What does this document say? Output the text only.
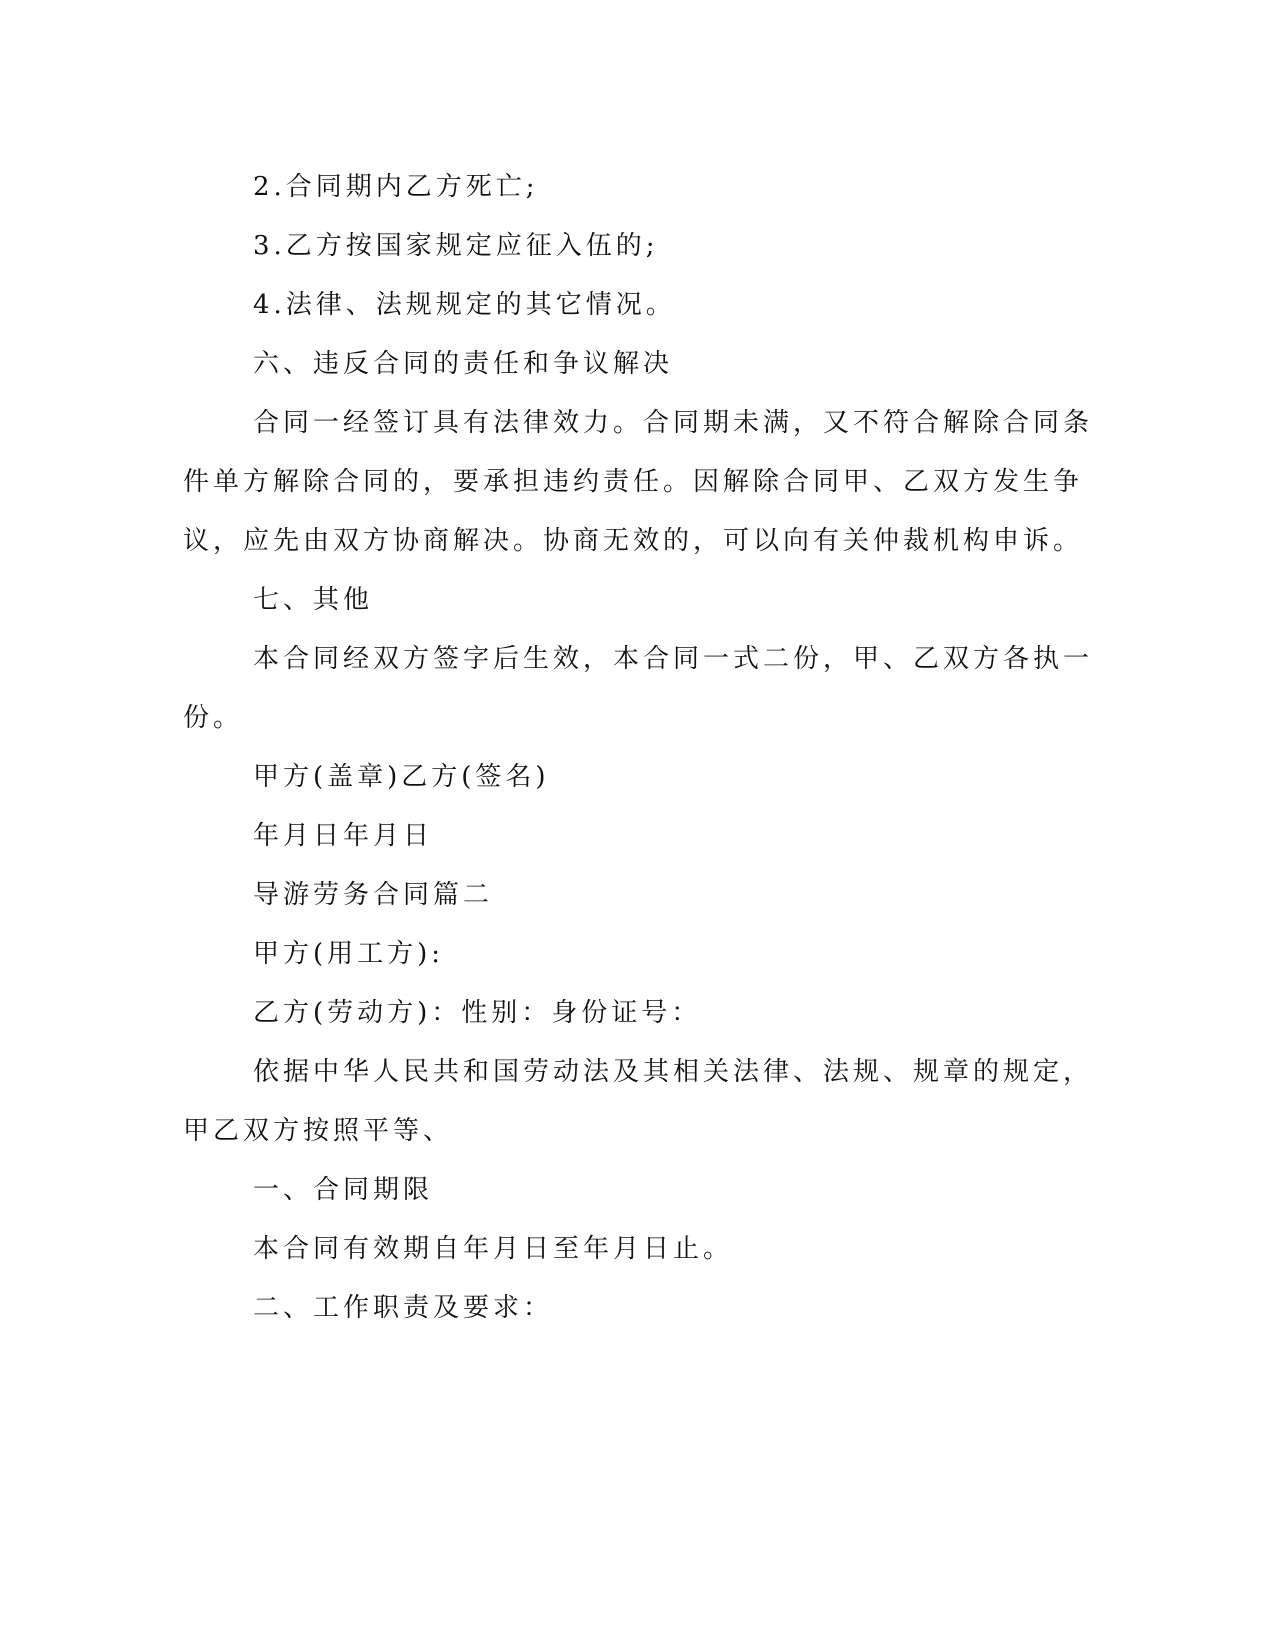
2.合同期内乙方死亡;
3.乙方按国家规定应征入伍的;
4.法律、法规规定的其它情况。
六、违反合同的责任和争议解决
合同一经签订具有法律效力。合同期未满，又不符合解除合同条
件单方解除合同的，要承担违约责任。因解除合同甲、乙双方发生争
议，应先由双方协商解决。协商无效的，可以向有关仲裁机构申诉。
七、其他
本合同经双方签字后生效，本合同一式二份，甲、乙双方各执一
份。
甲方(盖章)乙方(签名)
年月日年月日
导游劳务合同篇二
甲方(用工方):
乙方(劳动方)：性别：身份证号：
依据中华人民共和国劳动法及其相关法律、法规、规章的规定，
甲乙双方按照平等、
一、合同期限
本合同有效期自年月日至年月日止。
二、工作职责及要求：
